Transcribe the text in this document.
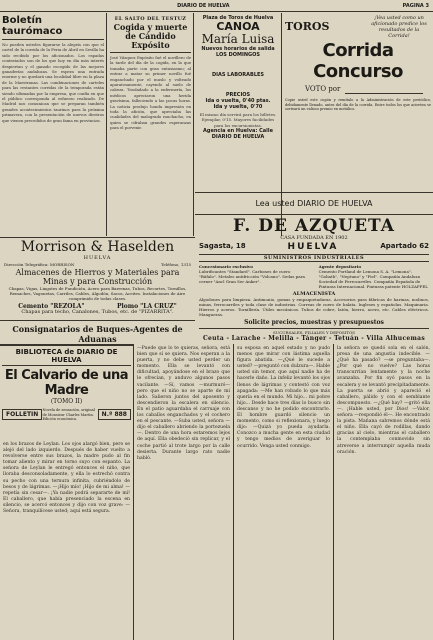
DIARIO DE HUELVA	PAGINA 3
Boletín taurómaco

No pueden ustedes figurarse la alegría con que el cartel de la corrida de la Feria de Abril en Sevilla ha sido recibido por los aficionados. Los espadas contratados son de los que hoy en día más interés despiertan y el ganado escogido de las mejores ganaderías andaluzas. Se espera una entrada enorme y no quedará una localidad libre en la plaza de la Maestranza. Las combinaciones de carteles para las restantes corridas de la temporada están siendo ultimadas por la empresa, que confía en que el público corresponda al esfuerzo realizado. De Madrid nos comunican que se preparan también grandes acontecimientos taurinos para la próxima primavera, con la presentación de nuevos diestros que vienen precedidos de gran fama en provincias.

EL SALTO DEL TESTUZ
Cogida y muerte de Cándido Expósito

José Vázquez Expósito fué el novillero de la tarde del día de la cogida, en la que tomaba parte con gran entusiasmo; al entrar a matar su primer novillo fué enganchado por el muslo y volteado aparatosamente, cayendo al suelo de cabeza. Trasladado a la enfermería, los médicos apreciaron una herida gravísima, falleciendo a las pocas horas. La noticia produjo honda impresión en toda la afición, que apreciaba las cualidades del malogrado muchacho, en quien se cifraban grandes esperanzas para el porvenir.

Plaza de Toros de Huelva
CANOA
María Luisa
Nuevos horarios de salida
LOS DOMINGOS

DIAS LABORABLES

PRECIOS
Ida o vuelta, 0'40 ptas.
Ida y vuelta, 0'70

El mismo día servirá para los billetes. Ejemplar, 0'15. Mayores facilidades para los excursionistas.

Agencia en Huelva: Calle DIARIO DE HUELVA
TOROS
¡Vea usted como un aficionado predice los resultados de la Corrida!
Corrida Concurso
VOTO por

Copie usted este cupón y remítalo a la Administración de este periódico, debidamente llenado, antes del día de la corrida. Entre todos los que acierten se sorteará un valioso premio en metálico.

Lea usted DIARIO DE HUELVA
F. DE AZQUETA
CASA FUNDADA EN 1902
Sagasta, 18	HUELVA	Apartado 62
SUMINISTROS INDUSTRIALES
Concesionario exclusivo

Lubrificantes "Standard". Carbones de cuero "Búfalo". Metales antifricción "Volcano". Sedas para cerner "Ancl Gran Ser Anker".

Agente depositario

Cemento Portland de Lemona S. A. "Lemona", "Goliath", "Neptuno" y "Fiel". Compañía Andaluza Sociedad de Ferrocarriles. Compañía Española de Pinturas Internacional. Pinturas patente HOLZAPFEL

ALMACENISTA

Algodones para limpieza. Antimonio, gomas y empaquetaduras. Accesorios para fábricas de harinas, molinos, minas, ferrocarriles y toda clase de industrias. Correas de cuero de balata. Ingleses y españolas. Maquinaria. Hierros y aceros. Tornillería. Útiles mecánicos. Tubos de cobre, latón, hierro, acero, etc. Cables eléctricos. Mangueras.

Solicite precios, muestras y presupuestos
SUCURSALES, FILIALES Y DEPOSITOS
Ceuta - Larache - Melilla - Tánger - Tetuán - Villa Alhucemas
Morrison & Haselden
HUELVA
Dirección Telegráfica: MORRISON	Teléfono, 1315
Almacenes de Hierros y Materiales para
Minas y para Construcción

Chapas, Vigas, Lingotes de Fundición, Acero para Barrenas, Tubos, Recortes, Tornillos, Remaches, Vagonetas, Carriles, Cables, Algodón, Sacos, Aceites. Instalaciones de Aire comprimido de todas clases.

Cemento "REZOLA"	Plomo "LA CRUZ"
Chapas para techo, Canalones, Tubos, etc. de "PIZARRITA".
Consignatarios de Buques-Agentes de Aduanas
BIBLIOTECA de DIARIO DE HUELVA
El Calvario de una Madre
(TOMO II)
FOLLETIN
Novela de sensación, original de Monsieur Charles Martin. Edición económica.
N.º 888

en los brazos de Leylan. Los ojos alargó bien, pero se alejó del lado izquierdo. Después de haber vuelto a revolverse entre sus brazos, la madre pudo al fin tomar aliento y mirar en torno suyo con espanto. La señora de Leylan le entregó entonces el niño, que lloraba desconsoladamente, y ella lo estrechó contra su pecho con una ternura infinita, cubriéndolo de besos y de lágrimas. —¡Hijo mío! ¡Hijo de mi alma! —repetía sin cesar—. ¡Ya nadie podrá separarte de mí! El caballero, que había presenciado la escena en silencio, se acercó entonces y dijo con voz grave: —Señora, tranquilícese usted; aquí está segura.

—Puede que lo te quieras, señora, está bien que sí se quiera. Nos esperan a la puerta, y no debe usted perder un momento. Ella se levantó con dificultad, apoyándose en el brazo que le ofrecían, y anduvo algunos pasos vacilante. —Sí, vamos —murmuró— pero que el niño no se aparte de mi lado. Salieron juntos del aposento y descendieron la escalera en silencio. En el patio aguardaba el carruaje con los caballos enganchados y el cochero en el pescante. —Suba usted, señora —dijo el caballero abriendo la portezuela—. Dentro de una hora estaremos lejos de aquí. Ella obedeció sin replicar, y el coche partió al trote largo por la calle desierta. Durante largo rato nadie habló.

su esposa en aquel estado y no pudo menos que mirar con lástima aquella figura abatida. —¿Qué le sucede a usted? —preguntó con dulzura—. Hable usted sin temor, que aquí nadie ha de hacerle daño. La infeliz levantó los ojos llenos de lágrimas y contestó con voz apagada: —Me han robado lo que más quería en el mundo. Mi hijo... mi pobre hijo... Desde hace tres días lo busco sin descanso y no he podido encontrarlo. El hombre guardó silencio un momento, como si reflexionara, y luego dijo: —Quizá yo pueda ayudarla. Conozco a mucha gente en esta ciudad y tengo medios de averiguar lo ocurrido. Venga usted conmigo.

la señora se quedó sola en el salón, presa de una angustia indecible. —¿Qué ha pasado? —se preguntaba—. ¿Por qué no vuelve? Las horas transcurrían lentamente y la noche avanzaba. Por fin oyó pasos en la escalera y se levantó precipitadamente. La puerta se abrió y apareció el caballero, pálido y con el semblante descompuesto. —¿Qué hay? —gritó ella—. ¡Hable usted, por Dios! —Valor, señora —respondió él—. He encontrado la pista. Mañana sabremos dónde está el niño. Ella cayó de rodillas, dando gracias al cielo, mientras el caballero la contemplaba conmovido sin atreverse a interrumpir aquella muda oración.
